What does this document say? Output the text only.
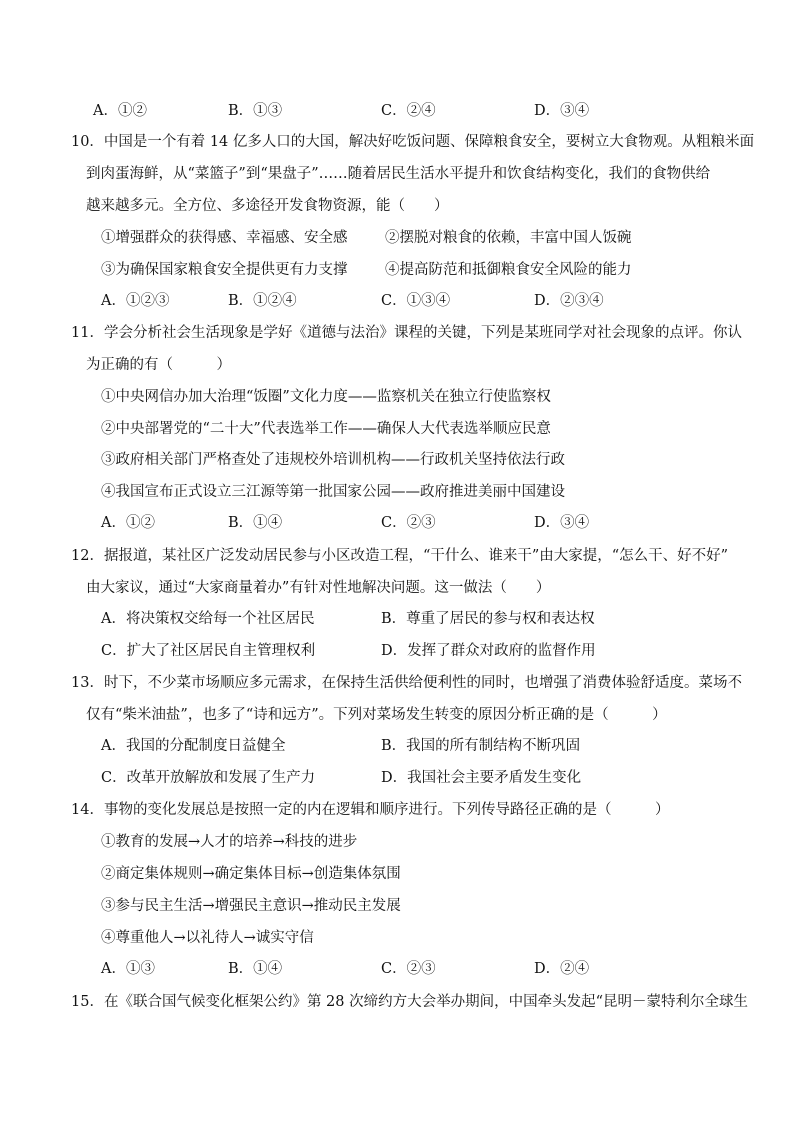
A．①②	B．①③	C．②④	D．③④
10．中国是一个有着 14 亿多人口的大国，解决好吃饭问题、保障粮食安全，要树立大食物观。从粗粮米面
到肉蛋海鲜，从“菜篮子”到“果盘子”……随着居民生活水平提升和饮食结构变化，我们的食物供给
越来越多元。全方位、多途径开发食物资源，能（　　）
①增强群众的获得感、幸福感、安全感	②摆脱对粮食的依赖，丰富中国人饭碗
③为确保国家粮食安全提供更有力支撑	④提高防范和抵御粮食安全风险的能力
A．①②③	B．①②④	C．①③④	D．②③④
11．学会分析社会生活现象是学好《道德与法治》课程的关键，下列是某班同学对社会现象的点评。你认
为正确的有（　　　）
①中央网信办加大治理“饭圈”文化力度——监察机关在独立行使监察权
②中央部署党的“二十大”代表选举工作——确保人大代表选举顺应民意
③政府相关部门严格查处了违规校外培训机构——行政机关坚持依法行政
④我国宣布正式设立三江源等第一批国家公园——政府推进美丽中国建设
A．①②	B．①④	C．②③	D．③④
12．据报道，某社区广泛发动居民参与小区改造工程，“干什么、谁来干”由大家提，“怎么干、好不好”
由大家议，通过“大家商量着办”有针对性地解决问题。这一做法（　　）
A．将决策权交给每一个社区居民	B．尊重了居民的参与权和表达权
C．扩大了社区居民自主管理权利	D．发挥了群众对政府的监督作用
13．时下，不少菜市场顺应多元需求，在保持生活供给便利性的同时，也增强了消费体验舒适度。菜场不
仅有“柴米油盐”，也多了“诗和远方”。下列对菜场发生转变的原因分析正确的是（　　　）
A．我国的分配制度日益健全	B．我国的所有制结构不断巩固
C．改革开放解放和发展了生产力	D．我国社会主要矛盾发生变化
14．事物的变化发展总是按照一定的内在逻辑和顺序进行。下列传导路径正确的是（　　　）
①教育的发展→人才的培养→科技的进步
②商定集体规则→确定集体目标→创造集体氛围
③参与民主生活→增强民主意识→推动民主发展
④尊重他人→以礼待人→诚实守信
A．①③	B．①④	C．②③	D．②④
15．在《联合国气候变化框架公约》第 28 次缔约方大会举办期间，中国牵头发起“昆明－蒙特利尔全球生
